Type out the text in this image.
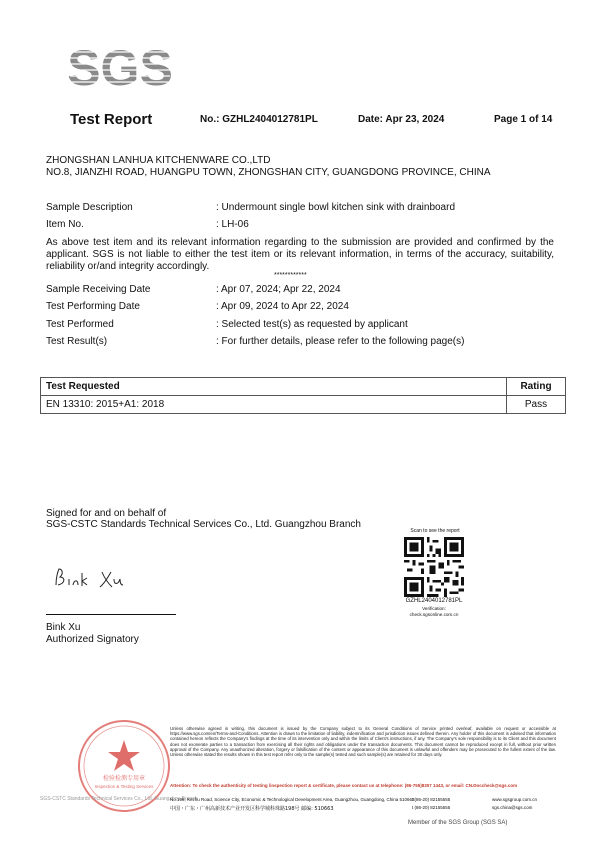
SGS
Test Report	No.: GZHL2404012781PL	Date: Apr 23, 2024	Page 1 of 14
ZHONGSHAN LANHUA KITCHENWARE CO.,LTD
NO.8, JIANZHI ROAD, HUANGPU TOWN, ZHONGSHAN CITY, GUANGDONG PROVINCE, CHINA
Sample Description	: Undermount single bowl kitchen sink with drainboard
Item No.	: LH-06
As above test item and its relevant information regarding to the submission are provided and confirmed by the applicant. SGS is not liable to either the test item or its relevant information, in terms of the accuracy, suitability, reliability or/and integrity accordingly.
************
Sample Receiving Date	: Apr 07, 2024; Apr 22, 2024
Test Performing Date	: Apr 09, 2024 to Apr 22, 2024
Test Performed	: Selected test(s) as requested by applicant
Test Result(s)	: For further details, please refer to the following page(s)
Test Requested	Rating
EN 13310: 2015+A1: 2018	Pass
Signed for and on behalf of
SGS-CSTC Standards Technical Services Co., Ltd. Guangzhou Branch
Bink Xu
Authorized Signatory
Scan to see the report
GZHL2404012781PL
Verification:
check.sgsonline.com.cn
检验检测专用章
Inspection & Testing Services
SGS-CSTC Standards Technical Services Co., Ltd. Guangzhou Branch
Unless otherwise agreed in writing, this document is issued by the Company subject to its General Conditions of Service printed overleaf, available on request or accessible at https://www.sgs.com/en/Terms-and-Conditions. Attention is drawn to the limitation of liability, indemnification and jurisdiction issues defined therein. Any holder of this document is advised that information contained hereon reflects the Company's findings at the time of its intervention only and within the limits of Client's instructions, if any. The Company's sole responsibility is to its Client and this document does not exonerate parties to a transaction from exercising all their rights and obligations under the transaction documents. This document cannot be reproduced except in full, without prior written approval of the Company. Any unauthorized alteration, forgery or falsification of the content or appearance of this document is unlawful and offenders may be prosecuted to the fullest extent of the law. Unless otherwise stated the results shown in this test report refer only to the sample(s) tested and such sample(s) are retained for 30 days only.
Attention: To check the authenticity of testing /inspection report & certificate, please contact us at telephone: (86-755)8307 1443, or email: CN.Doccheck@sgs.com
No.198, Kezhu Road, Science City, Economic & Technological Development Area, Guangzhou, Guangdong, China 510663
中国・广东・广州高新技术产业开发区科学城科珠路198号 邮编: 510663
t (86-20) 82155555
t (86-20) 82155555
www.sgsgroup.com.cn
sgs.china@sgs.com
Member of the SGS Group (SGS SA)
